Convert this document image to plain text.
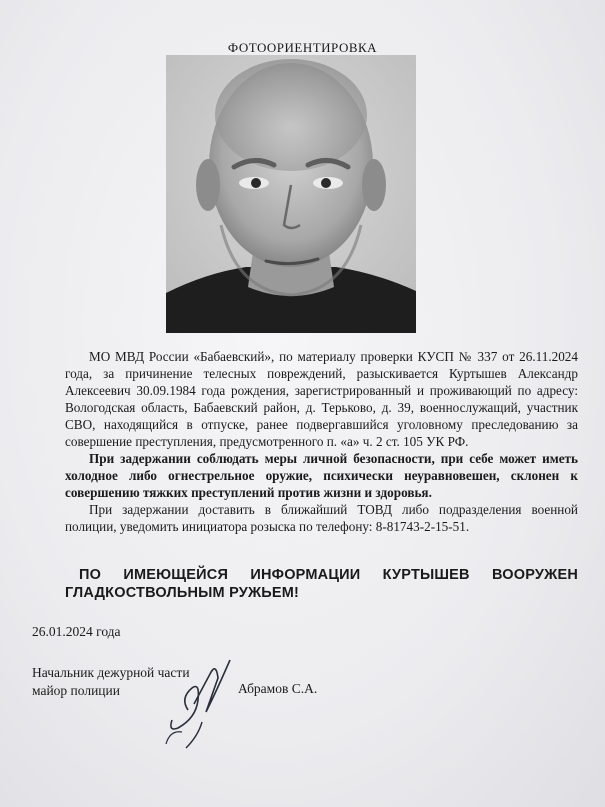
ФОТООРИЕНТИРОВКА

МО МВД России «Бабаевский», по материалу проверки КУСП № 337 от 26.11.2024 года, за причинение телесных повреждений, разыскивается Куртышев Александр Алексеевич 30.09.1984 года рождения, зарегистрированный и проживающий по адресу: Вологодская область, Бабаевский район, д. Терьково, д. 39, военнослужащий, участник СВО, находящийся в отпуске, ранее подвергавшийся уголовному преследованию за совершение преступления, предусмотренного п. «а» ч. 2 ст. 105 УК РФ.

При задержании соблюдать меры личной безопасности, при себе может иметь холодное либо огнестрельное оружие, психически неуравновешен, склонен к совершению тяжких преступлений против жизни и здоровья.

При задержании доставить в ближайший ТОВД либо подразделения военной полиции, уведомить инициатора розыска по телефону: 8-81743-2-15-51.

ПО ИМЕЮЩЕЙСЯ ИНФОРМАЦИИ КУРТЫШЕВ ВООРУЖЕН ГЛАДКОСТВОЛЬНЫМ РУЖЬЕМ!
26.01.2024 года
Начальник дежурной части
майор полиции	Абрамов С.А.
